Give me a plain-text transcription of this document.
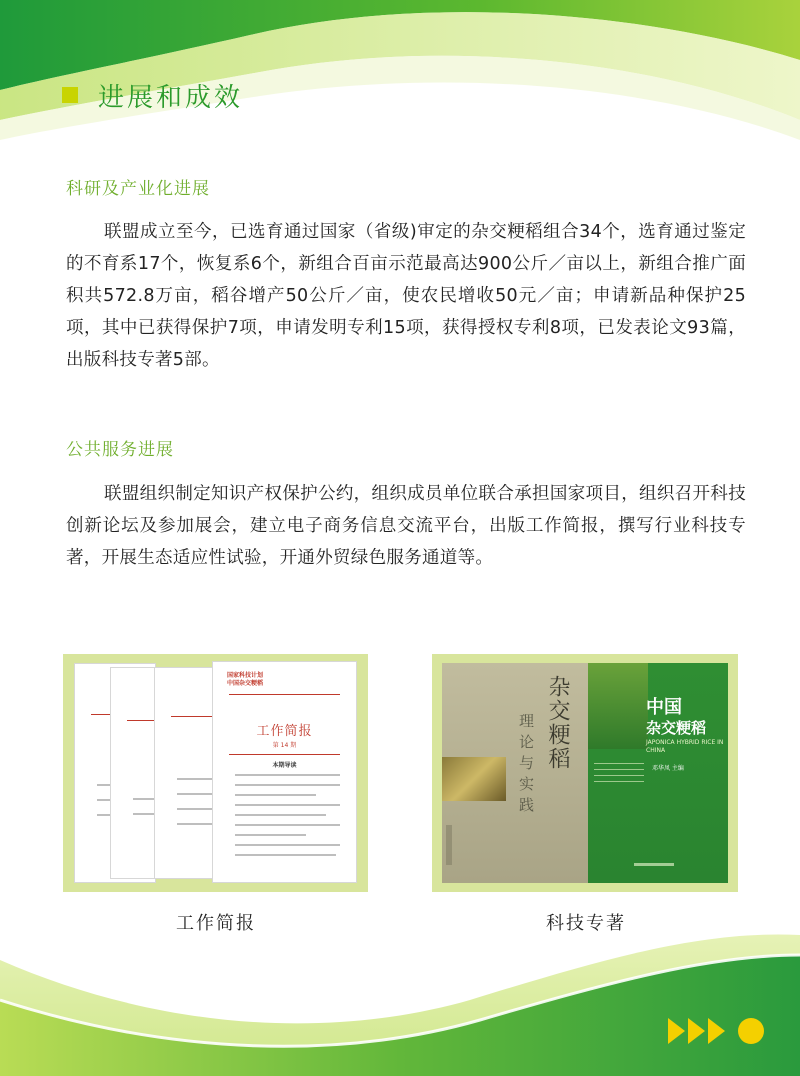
进展和成效
科研及产业化进展
联盟成立至今，已选育通过国家（省级)审定的杂交粳稻组合34个，选育通过鉴定的不育系17个，恢复系6个，新组合百亩示范最高达900公斤／亩以上，新组合推广面积共572.8万亩，稻谷增产50公斤／亩，使农民增收50元／亩；申请新品种保护25项，其中已获得保护7项，申请发明专利15项，获得授权专利8项，已发表论文93篇，出版科技专著5部。
公共服务进展
联盟组织制定知识产权保护公约，组织成员单位联合承担国家项目，组织召开科技创新论坛及参加展会，建立电子商务信息交流平台，出版工作简报，撰写行业科技专著，开展生态适应性试验，开通外贸绿色服务通道等。
国家科技计划
中国杂交粳稻
工作简报
第 14 期
本期导读
工作简报
杂交粳稻
理论与实践
中国
杂交粳稻
JAPONICA HYBRID RICE IN CHINA
邓华凤 主编
科技专著
